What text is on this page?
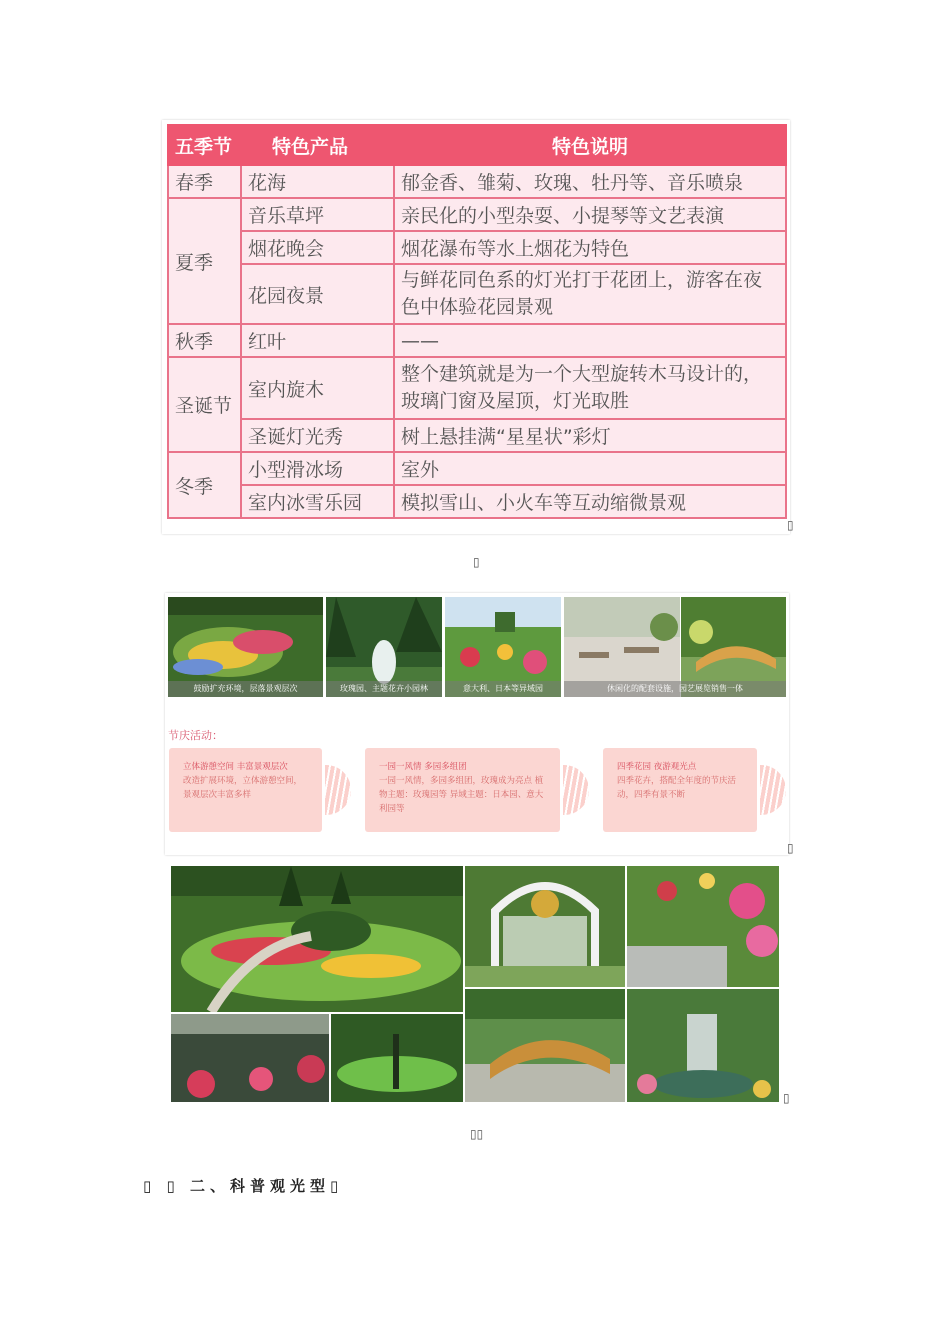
五季节	特色产品	特色说明
春季	花海	郁金香、雏菊、玫瑰、牡丹等、音乐喷泉
夏季	音乐草坪	亲民化的小型杂耍、小提琴等文艺表演
	烟花晚会	烟花瀑布等水上烟花为特色
	花园夜景	与鲜花同色系的灯光打于花团上，游客在夜色中体验花园景观
秋季	红叶	——
圣诞节	室内旋木	整个建筑就是为一个大型旋转木马设计的，玻璃门窗及屋顶，灯光取胜
	圣诞灯光秀	树上悬挂满“星星状”彩灯
冬季	小型滑冰场	室外
	室内冰雪乐园	模拟雪山、小火车等互动缩微景观
▯
▯
鼓励扩充环境，层落景观层次	玫瑰园、主题花卉小园林	意大利、日本等异域园	休闲化的配套设施，园艺展览销售一体
节庆活动：
立体游憩空间 丰富景观层次
改造扩展环境，立体游憩空间，景观层次丰富多样
一园一风情 多园多组团
一园一风情，多园多组团，玫瑰成为亮点 植物主题：玫瑰园等 异域主题：日本园、意大利园等
四季花园 夜游观光点
四季花卉，搭配全年度的节庆活动，四季有景不断
▯
▯
▯▯
▯ ▯ 二、科普观光型▯
